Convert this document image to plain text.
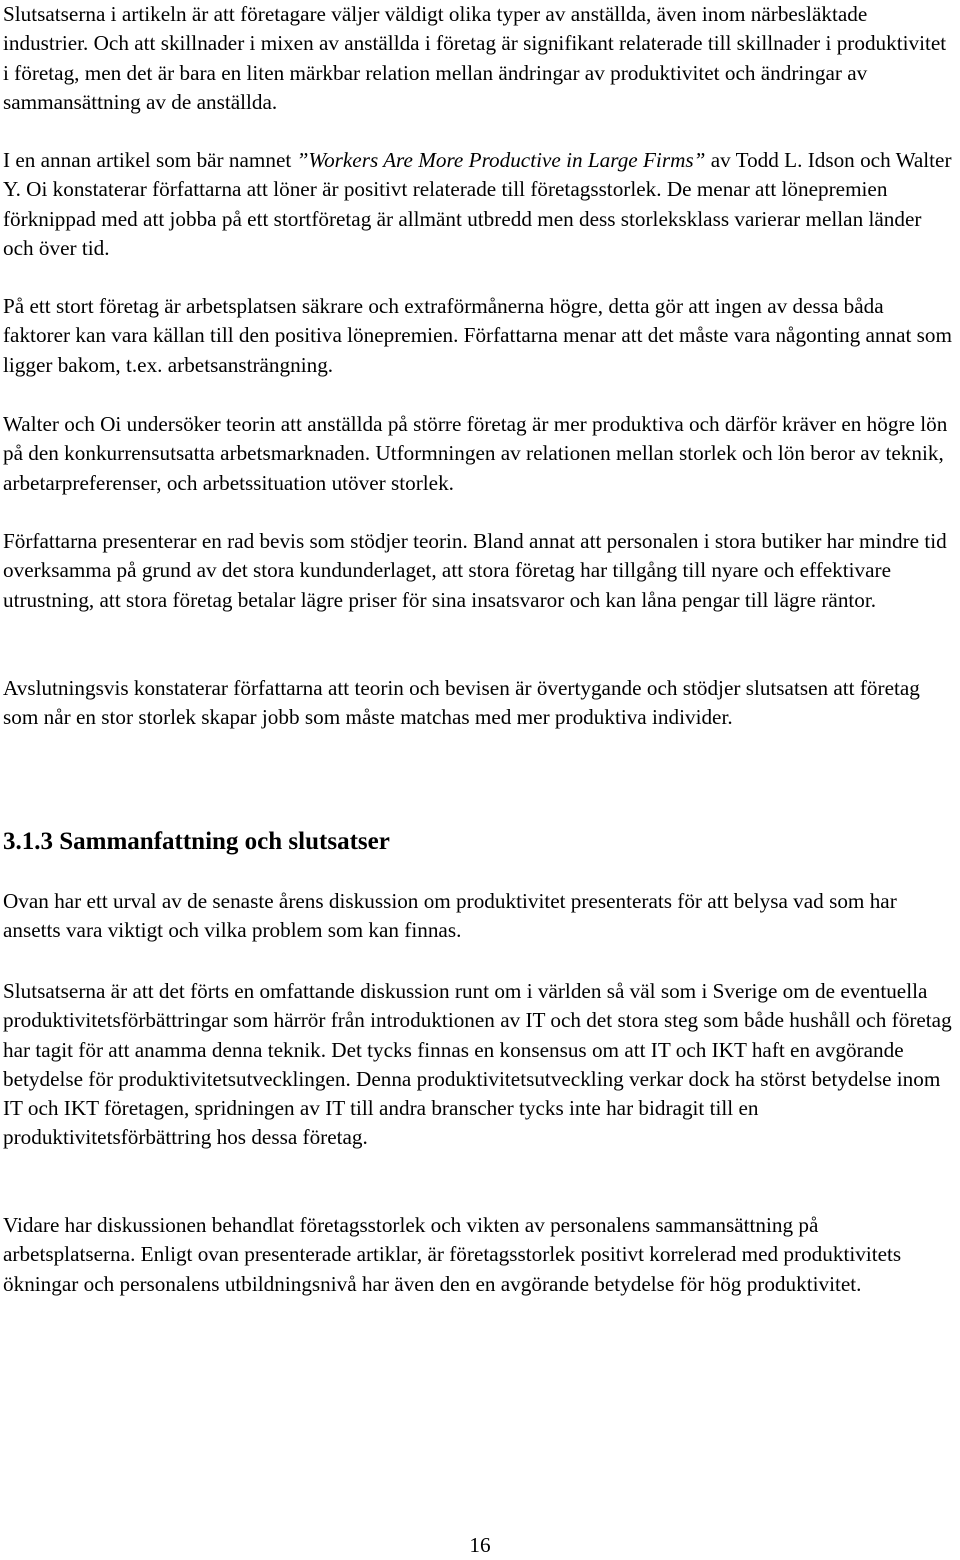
Slutsatserna i artikeln är att företagare väljer väldigt olika typer av anställda, även inom närbesläktade industrier. Och att skillnader i mixen av anställda i företag är signifikant relaterade till skillnader i produktivitet i företag, men det är bara en liten märkbar relation mellan ändringar av produktivitet och ändringar av sammansättning av de anställda.

I en annan artikel som bär namnet ”Workers Are More Productive in Large Firms” av Todd L. Idson och Walter Y. Oi konstaterar författarna att löner är positivt relaterade till företagsstorlek. De menar att lönepremien förknippad med att jobba på ett stortföretag är allmänt utbredd men dess storleksklass varierar mellan länder och över tid.

På ett stort företag är arbetsplatsen säkrare och extraförmånerna högre, detta gör att ingen av dessa båda faktorer kan vara källan till den positiva lönepremien. Författarna menar att det måste vara någonting annat som ligger bakom, t.ex. arbetsansträngning.

Walter och Oi undersöker teorin att anställda på större företag är mer produktiva och därför kräver en högre lön på den konkurrensutsatta arbetsmarknaden. Utformningen av relationen mellan storlek och lön beror av teknik, arbetarpreferenser, och arbetssituation utöver storlek.

Författarna presenterar en rad bevis som stödjer teorin. Bland annat att personalen i stora butiker har mindre tid overksamma på grund av det stora kundunderlaget, att stora företag har tillgång till nyare och effektivare utrustning, att stora företag betalar lägre priser för sina insatsvaror och kan låna pengar till lägre räntor.

Avslutningsvis konstaterar författarna att teorin och bevisen är övertygande och stödjer slutsatsen att företag som når en stor storlek skapar jobb som måste matchas med mer produktiva individer.

3.1.3 Sammanfattning och slutsatser

Ovan har ett urval av de senaste årens diskussion om produktivitet presenterats för att belysa vad som har ansetts vara viktigt och vilka problem som kan finnas.

Slutsatserna är att det förts en omfattande diskussion runt om i världen så väl som i Sverige om de eventuella produktivitetsförbättringar som härrör från introduktionen av IT och det stora steg som både hushåll och företag har tagit för att anamma denna teknik. Det tycks finnas en konsensus om att IT och IKT haft en avgörande betydelse för produktivitetsutvecklingen. Denna produktivitetsutveckling verkar dock ha störst betydelse inom IT och IKT företagen, spridningen av IT till andra branscher tycks inte har bidragit till en produktivitetsförbättring hos dessa företag.

Vidare har diskussionen behandlat företagsstorlek och vikten av personalens sammansättning på arbetsplatserna. Enligt ovan presenterade artiklar, är företagsstorlek positivt korrelerad med produktivitets ökningar och personalens utbildningsnivå har även den en avgörande betydelse för hög produktivitet.

16
